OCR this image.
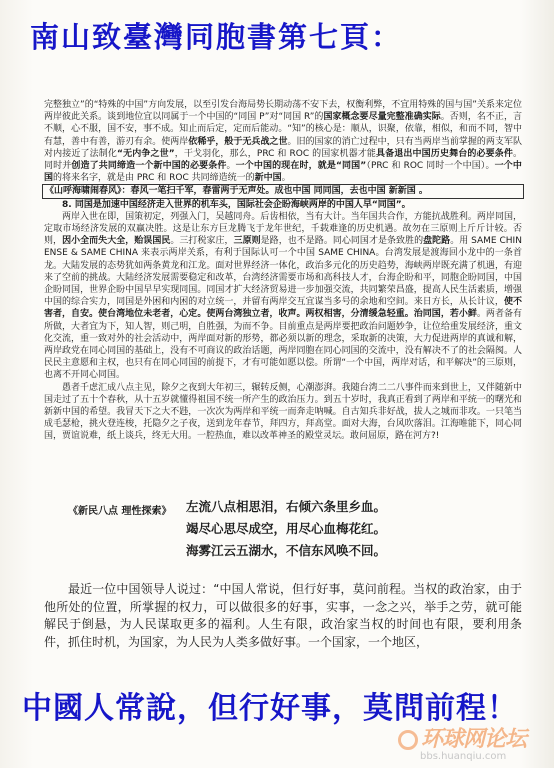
南山致臺灣同胞書第七頁：

完整独立”的“特殊的中国”方向发展，以至引发台海局势长期动荡不安下去，权衡利弊，不宜用特殊的国与国”关系来定位两岸彼此关系。谈到地位宜以同属于一个中国的“同国 P”对“同国 R”的国家概念要尽量完整准确实际。否则，名不正，言不顺，心不服，国不安，事不成。知止而后定，定而后能动。“知”的核心是：顺从，识聚，依靠，相似，和而不同，智中有慧，善中有善，游刃有余。使两岸依稀乎，般于无兵战之世。旧的国家的消亡过程中，只有当两岸当前掌握的两支军队对内接近了法制化“无内争之世”，干戈羽化，那么，PRC 和 ROC 的国家机器才能具备退出中国历史舞台的必要条件。同时并创造了共同缔造一个新中国的必要条件。一个中国的现在时，就是“同国”（PRC 和 ROC 同时一个中国）。一个中国的将来名字，就是由 PRC 和 ROC 共同缔造统一的新中国。

《山呼海啸闹春风》：春风一笔扫千军，春雷两于无声处。成也中国 同同国，去也中国 新新国 。

8. 同国是加速中国经济走入世界的机车头，国际社会企盼海峡两岸的中国人早“同国”。

两岸入世在即，国策初定，列强入门，吴越同舟。后齿相依，当有大计。当年国共合作，方能抗战胜利。两岸同国，定取市场经济发展的双赢决胜。这是让东方巨龙腾飞于龙年世纪，千载难逢的历史机遇。故勿在三原则上斤斤计较。否则，因小全而失大全，贻误国民。三打税家庄，三原则是路，也不是路。同心同国才是条致胜的盘陀路。用 SAME CHINENSE & SAME CHINA 来表示两岸关系，有利于国际认可一个中国 SAME CHINA。台湾发展是渡海回小龙中的一条首龙。大陆发展的态势犹如两条黄龙和江龙。面对世界经济一体化，政治多元化的历史趋势，海峡两岸既充满了机遇，有迎来了空前的挑战。大陆经济发展需要稳定和改革，台湾经济需要市场和高科技人才，台海企盼和平，同胞企盼同国，中国企盼同国，世界企盼中国早早实现同国。同国才扩大经济贸易进一步加强交流，共同繁荣昌盛，提高人民生活素质，增强中国的综合实力，同国是外困和内困的对立统一，并留有两岸交互宜谋当多号的余地和空间。来日方长，从长计议，使不害者，自安。使台湾地位未老者，心定。使两台湾独立者，收声。两权相害，分清缓急轻重。治同国，若小鲜。两者备有所做，大者宜为下，知人智，则己明，自胜强，为而不争。目前重点是两岸要把政治问题妙争，让位给重发展经济，重文化交流，重一致对外的社会活动中，两岸面对新的形势，都必须以新的理念，采取新的决策，大力促进两岸的真诚和解，两岸政党在同心同国的基础上，没有不可商议的政治话题，两岸同胞在同心同国的交流中，没有解决不了的社会隔阂。人民民主意愿和主权，也只有在同心同国的前提下，才有可能如愿以偿。所谓“一个中国，两岸对话，和平解决”的三原则，也离不开同心同国。

愚者千虑汇成八点主见，除夕之夜到大年初三，辗转反侧，心潮澎湃。我随台湾二二八事件而来到世上，又伴随新中国走过了五十个春秋，从十五岁就懂得祖国不统一所产生的政治压力。到五十岁时，我真正看到了两岸和平统一的曙光和新新中国的希望。我冒天下之大不韪，一次次为两岸和平统一而奔走呐喊。自古知兵非好战，拔人之城而非攻。一只笔当成毛瑟枪，挑火登连梭，托隐夕之子夜，送到龙年春节，拜四方，拜高堂。面对大海，台风吹落泪。江海唯能下，同心同国，贾谊说难，纸上谈兵，终无大用。一腔热血，难以改革神圣的殿堂灵坛。敢问屈原，路在河方?!

《新民八点 理性探索》 左流八点相思泪，右倾六条里乡血。
竭尽心思尽成空，用尽心血梅花红。
海雾江云五湖水，不信东风唤不回。
最近一位中国领导人说过：“中国人常说，但行好事，莫问前程。当权的政治家，由于他所处的位置，所掌握的权力，可以做很多的好事，实事，一念之兴，举手之劳，就可能解民于倒悬，为人民谋取更多的福利。人生有限，政治家当权的时间也有限，要利用条件，抓住时机，为国家，为人民为人类多做好事。一个国家，一个地区，
中國人常說，但行好事，莫問前程！
环球网论坛
bbs.huanqiu.com
